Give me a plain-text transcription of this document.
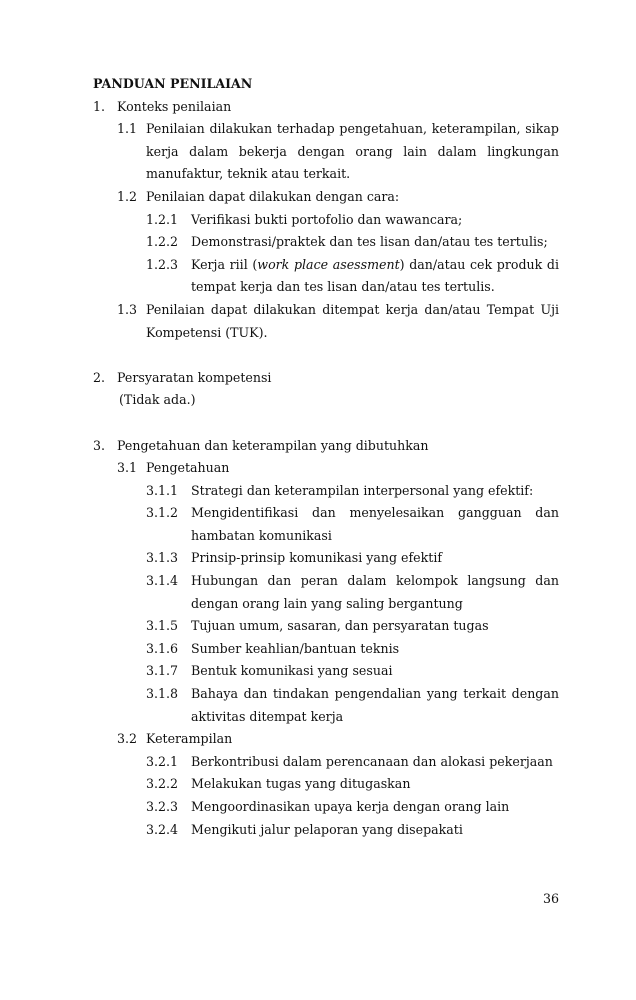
PANDUAN PENILAIAN
1. Konteks penilaian
1.1 Penilaian dilakukan terhadap pengetahuan, keterampilan, sikap kerja dalam bekerja dengan orang lain dalam lingkungan manufaktur, teknik atau terkait.
1.2 Penilaian dapat dilakukan dengan cara:
1.2.1	Verifikasi bukti portofolio dan wawancara;
1.2.2	Demonstrasi/praktek dan tes lisan dan/atau tes tertulis;
1.2.3	Kerja riil (work place asessment) dan/atau cek produk di tempat kerja dan tes lisan dan/atau tes tertulis.
1.3 Penilaian dapat dilakukan ditempat kerja dan/atau Tempat Uji Kompetensi (TUK).
2. Persyaratan kompetensi
(Tidak ada.)
3. Pengetahuan dan keterampilan yang dibutuhkan
3.1 Pengetahuan
3.1.1	Strategi dan keterampilan interpersonal yang efektif:
3.1.2	Mengidentifikasi dan menyelesaikan gangguan dan hambatan komunikasi
3.1.3	Prinsip-prinsip komunikasi yang efektif
3.1.4	Hubungan dan peran dalam kelompok langsung dan dengan orang lain yang saling bergantung
3.1.5	Tujuan umum, sasaran, dan persyaratan tugas
3.1.6	Sumber keahlian/bantuan teknis
3.1.7	Bentuk komunikasi yang sesuai
3.1.8	Bahaya dan tindakan pengendalian yang terkait dengan aktivitas ditempat kerja
3.2 Keterampilan
3.2.1	Berkontribusi dalam perencanaan dan alokasi pekerjaan
3.2.2	Melakukan tugas yang ditugaskan
3.2.3	Mengoordinasikan upaya kerja dengan orang lain
3.2.4	Mengikuti jalur pelaporan yang disepakati
36
